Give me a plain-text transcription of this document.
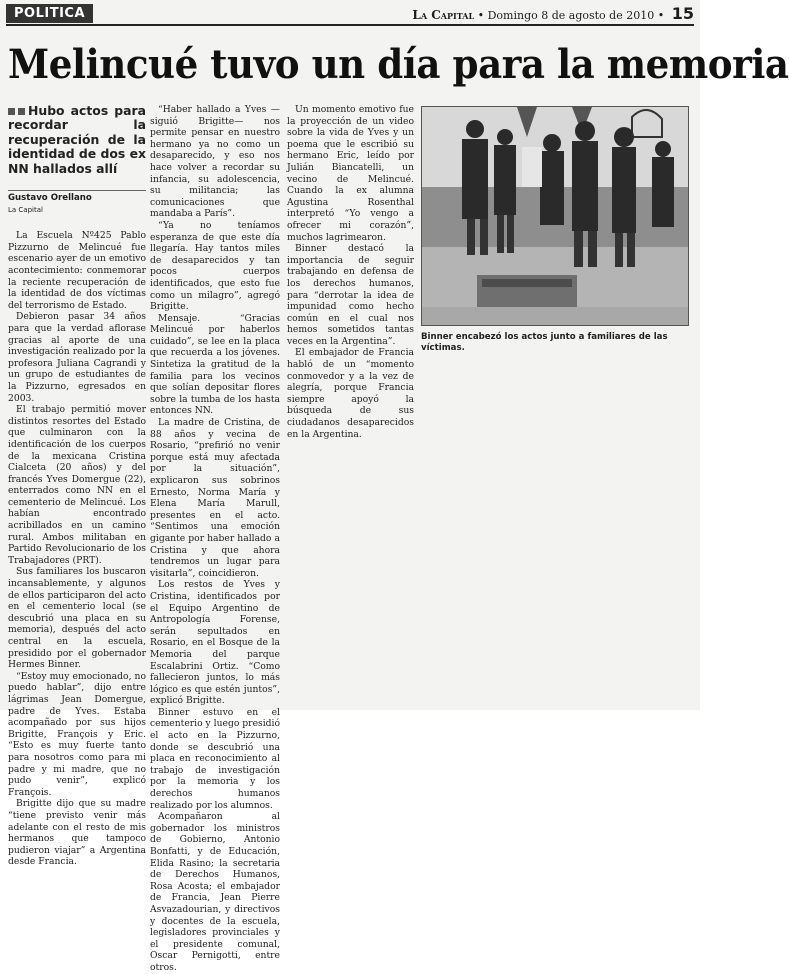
POLITICA	La Capital • Domingo 8 de agosto de 2010 • 15
Melincué tuvo un día para la memoria
Hubo actos para recordar la recuperación de la identidad de dos ex NN hallados allí
Gustavo Orellano
La Capital

La Escuela Nº425 Pablo Pizzurno de Melincué fue escenario ayer de un emotivo acontecimiento: conmemorar la reciente recuperación de la identidad de dos víctimas del terrorismo de Estado.

Debieron pasar 34 años para que la verdad aflorase gracias al aporte de una investigación realizado por la profesora Juliana Cagrandi y un grupo de estudiantes de la Pizzurno, egresados en 2003.

El trabajo permitió mover distintos resortes del Estado que culminaron con la identificación de los cuerpos de la mexicana Cristina Cialceta (20 años) y del francés Yves Domergue (22), enterrados como NN en el cementerio de Melincué. Los habían encontrado acribillados en un camino rural. Ambos militaban en Partido Revolucionario de los Trabajadores (PRT).

Sus familiares los buscaron incansablemente, y algunos de ellos participaron del acto en el cementerio local (se descubrió una placa en su memoria), después del acto central en la escuela, presidido por el gobernador Hermes Binner.

“Estoy muy emocionado, no puedo hablar”, dijo entre lágrimas Jean Domergue, padre de Yves. Estaba acompañado por sus hijos Brigitte, François y Eric. “Esto es muy fuerte tanto para nosotros como para mi padre y mi madre, que no pudo venir”, explicó François.

Brigitte dijo que su madre “tiene previsto venir más adelante con el resto de mis hermanos que tampoco pudieron viajar” a Argentina desde Francia.

“Haber hallado a Yves —siguió Brigitte— nos permite pensar en nuestro hermano ya no como un desaparecido, y eso nos hace volver a recordar su infancia, su adolescencia, su militancia; las comunicaciones que mandaba a París”.

“Ya no teníamos esperanza de que este día llegaría. Hay tantos miles de desaparecidos y tan pocos cuerpos identificados, que esto fue como un milagro”, agregó Brigitte.

Mensaje. “Gracias Melincué por haberlos cuidado”, se lee en la placa que recuerda a los jóvenes. Sintetiza la gratitud de la familia para los vecinos que solían depositar flores sobre la tumba de los hasta entonces NN.

La madre de Cristina, de 88 años y vecina de Rosario, “prefirió no venir porque está muy afectada por la situación”, explicaron sus sobrinos Ernesto, Norma María y Elena María Marull, presentes en el acto. “Sentimos una emoción gigante por haber hallado a Cristina y que ahora tendremos un lugar para visitarla”, coincidieron.

Los restos de Yves y Cristina, identificados por el Equipo Argentino de Antropología Forense, serán sepultados en Rosario, en el Bosque de la Memoria del parque Escalabrini Ortiz. “Como fallecieron juntos, lo más lógico es que estén juntos”, explicó Brigitte.

Binner estuvo en el cementerio y luego presidió el acto en la Pizzurno, donde se descubrió una placa en reconocimiento al trabajo de investigación por la memoria y los derechos humanos realizado por los alumnos.

Acompañaron al gobernador los ministros de Gobierno, Antonio Bonfatti, y de Educación, Elida Rasino; la secretaria de Derechos Humanos, Rosa Acosta; el embajador de Francia, Jean Pierre Asvazadourian, y directivos y docentes de la escuela, legisladores provinciales y el presidente comunal, Oscar Pernigotti, entre otros.

Un momento emotivo fue la proyección de un video sobre la vida de Yves y un poema que le escribió su hermano Eric, leído por Julián Biancatelli, un vecino de Melincué. Cuando la ex alumna Agustina Rosenthal interpretó “Yo vengo a ofrecer mi corazón”, muchos lagrimearon.

Binner destacó la importancia de seguir trabajando en defensa de los derechos humanos, para “derrotar la idea de impunidad como hecho común en el cual nos hemos sometidos tantas veces en la Argentina”.

El embajador de Francia habló de un “momento conmovedor y a la vez de alegría, porque Francia siempre apoyó la búsqueda de sus ciudadanos desaparecidos en la Argentina.

Binner encabezó los actos junto a familiares de las víctimas.
